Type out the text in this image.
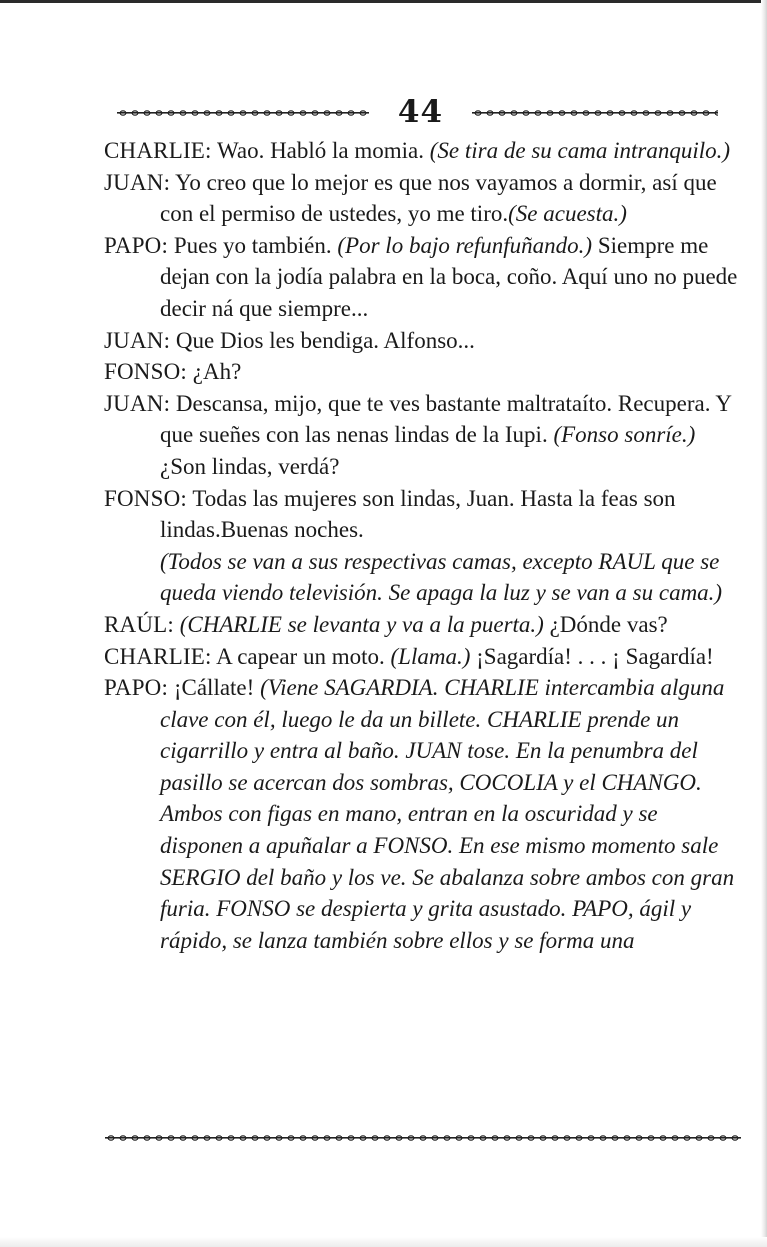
44

CHARLIE: Wao. Habló la momia. (Se tira de su cama intranquilo.)

JUAN: Yo creo que lo mejor es que nos vayamos a dormir, así que con el permiso de ustedes, yo me tiro.(Se acuesta.)

PAPO: Pues yo también. (Por lo bajo refunfuñando.) Siempre me dejan con la jodía palabra en la boca, coño. Aquí uno no puede decir ná que siempre...

JUAN: Que Dios les bendiga. Alfonso...

FONSO: ¿Ah?

JUAN: Descansa, mijo, que te ves bastante maltrataíto. Recupera. Y que sueñes con las nenas lindas de la Iupi. (Fonso sonríe.) ¿Son lindas, verdá?

FONSO: Todas las mujeres son lindas, Juan. Hasta la feas son lindas.Buenas noches.

(Todos se van a sus respectivas camas, excepto RAUL que se queda viendo televisión. Se apaga la luz y se van a su cama.)

RAÚL: (CHARLIE se levanta y va a la puerta.) ¿Dónde vas?

CHARLIE: A capear un moto. (Llama.) ¡Sagardía! . . . ¡ Sagardía!

PAPO: ¡Cállate! (Viene SAGARDIA. CHARLIE intercambia alguna clave con él, luego le da un billete. CHARLIE prende un cigarrillo y entra al baño. JUAN tose. En la penumbra del pasillo se acercan dos sombras, COCOLIA y el CHANGO. Ambos con figas en mano, entran en la oscuridad y se disponen a apuñalar a FONSO. En ese mismo momento sale SERGIO del baño y los ve. Se abalanza sobre ambos con gran furia. FONSO se despierta y grita asustado. PAPO, ágil y rápido, se lanza también sobre ellos y se forma una
